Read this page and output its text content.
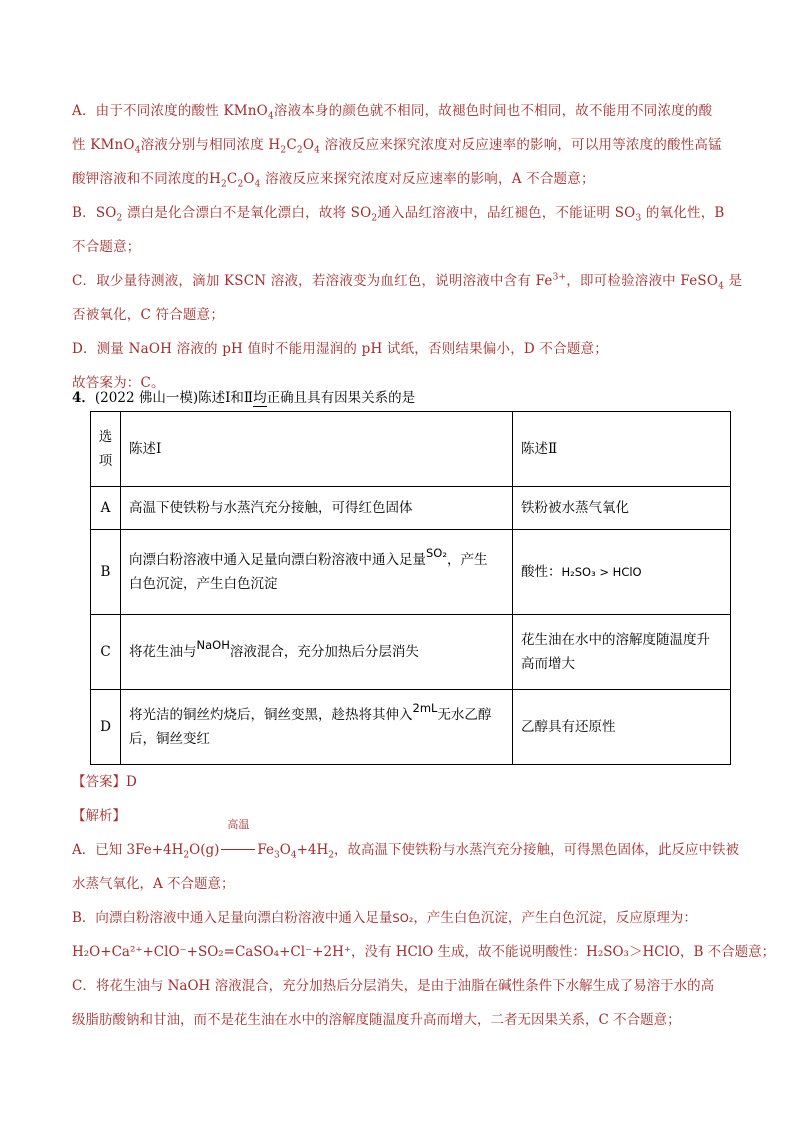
A．由于不同浓度的酸性 KMnO$_4$溶液本身的颜色就不相同，故褪色时间也不相同，故不能用不同浓度的酸
性 KMnO$_4$溶液分别与相同浓度 $H_2C_2O_4$ 溶液反应来探究浓度对反应速率的影响，可以用等浓度的酸性高锰
酸钾溶液和不同浓度的$H_2C_2O_4$ 溶液反应来探究浓度对反应速率的影响，A 不合题意；
B．$SO_2$ 漂白是化合漂白不是氧化漂白，故将 $SO_2$通入品红溶液中，品红褪色，不能证明 $SO_3$ 的氧化性，B
不合题意；
C．取少量待测液，滴加 KSCN 溶液，若溶液变为血红色，说明溶液中含有 $Fe^{3+}$，即可检验溶液中 FeSO$_4$ 是
否被氧化，C 符合题意；
D．测量 NaOH 溶液的 pH 值时不能用湿润的 pH 试纸，否则结果偏小，D 不合题意；
故答案为：C。
4．(2022 佛山一模)陈述Ⅰ和Ⅱ均正确且具有因果关系的是
选项	陈述Ⅰ	陈述Ⅱ
A	高温下使铁粉与水蒸汽充分接触，可得红色固体	铁粉被水蒸气氧化
B	向漂白粉溶液中通入足量向漂白粉溶液中通入足量SO₂，产生
白色沉淀，产生白色沉淀	酸性：H₂SO₃ > HClO
C	将花生油与NaOH溶液混合，充分加热后分层消失	花生油在水中的溶解度随温度升
高而增大
D	将光洁的铜丝灼烧后，铜丝变黑，趁热将其伸入2mL无水乙醇
后，铜丝变红	乙醇具有还原性
【答案】D
【解析】
A．已知 $3Fe+4H_2O(g)$
高温
$Fe_3O_4+4H_2$，故高温下使铁粉与水蒸汽充分接触，可得黑色固体，此反应中铁被
水蒸气氧化，A 不合题意；
B．向漂白粉溶液中通入足量向漂白粉溶液中通入足量SO₂，产生白色沉淀，产生白色沉淀，反应原理为：
H₂O+Ca²⁺+ClO⁻+SO₂=CaSO₄+Cl⁻+2H⁺，没有 HClO 生成，故不能说明酸性：H₂SO₃＞HClO，B 不合题意；
C．将花生油与 NaOH 溶液混合，充分加热后分层消失，是由于油脂在碱性条件下水解生成了易溶于水的高
级脂肪酸钠和甘油，而不是花生油在水中的溶解度随温度升高而增大，二者无因果关系，C 不合题意；
